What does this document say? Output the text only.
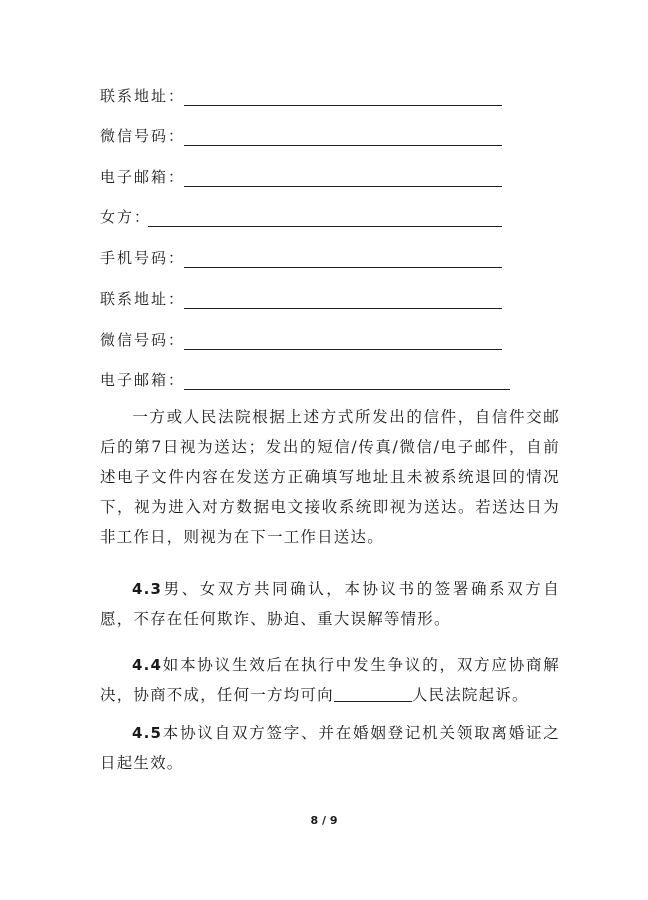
联系地址：
微信号码：
电子邮箱：
女方：
手机号码：
联系地址：
微信号码：
电子邮箱：
一方或人民法院根据上述方式所发出的信件，自信件交邮后的第7日视为送达；发出的短信/传真/微信/电子邮件，自前述电子文件内容在发送方正确填写地址且未被系统退回的情况下，视为进入对方数据电文接收系统即视为送达。若送达日为非工作日，则视为在下一工作日送达。
4.3男、女双方共同确认，本协议书的签署确系双方自愿，不存在任何欺诈、胁迫、重大误解等情形。
4.4如本协议生效后在执行中发生争议的，双方应协商解决，协商不成，任何一方均可向	人民法院起诉。
4.5本协议自双方签字、并在婚姻登记机关领取离婚证之日起生效。
8 / 9
